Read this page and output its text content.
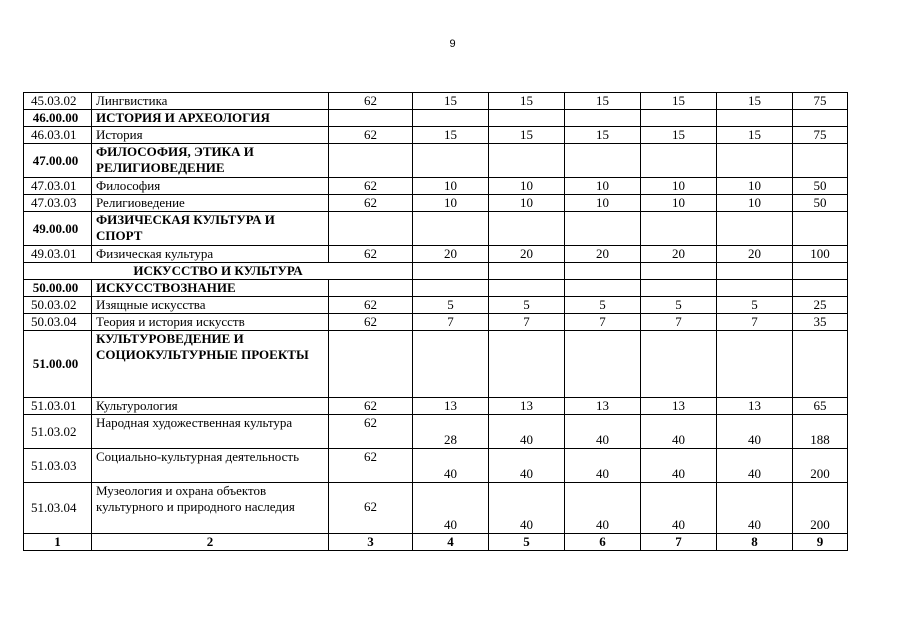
9
45.03.02	Лингвистика	62	15	15	15	15	15	75
46.00.00	ИСТОРИЯ И АРХЕОЛОГИЯ							
46.03.01	История	62	15	15	15	15	15	75
47.00.00	ФИЛОСОФИЯ, ЭТИКА И РЕЛИГИОВЕДЕНИЕ							
47.03.01	Философия	62	10	10	10	10	10	50
47.03.03	Религиоведение	62	10	10	10	10	10	50
49.00.00	ФИЗИЧЕСКАЯ КУЛЬТУРА И СПОРТ							
49.03.01	Физическая культура	62	20	20	20	20	20	100
ИСКУССТВО И КУЛЬТУРА								
50.00.00	ИСКУССТВОЗНАНИЕ							
50.03.02	Изящные искусства	62	5	5	5	5	5	25
50.03.04	Теория и история искусств	62	7	7	7	7	7	35
51.00.00	КУЛЬТУРОВЕДЕНИЕ И СОЦИОКУЛЬТУРНЫЕ ПРОЕКТЫ							
51.03.01	Культурология	62	13	13	13	13	13	65
51.03.02	Народная художественная культура	62	28	40	40	40	40	188
51.03.03	Социально-культурная деятельность	62	40	40	40	40	40	200
51.03.04	Музеология и охрана объектов культурного и природного наследия	62	40	40	40	40	40	200
1	2	3	4	5	6	7	8	9
